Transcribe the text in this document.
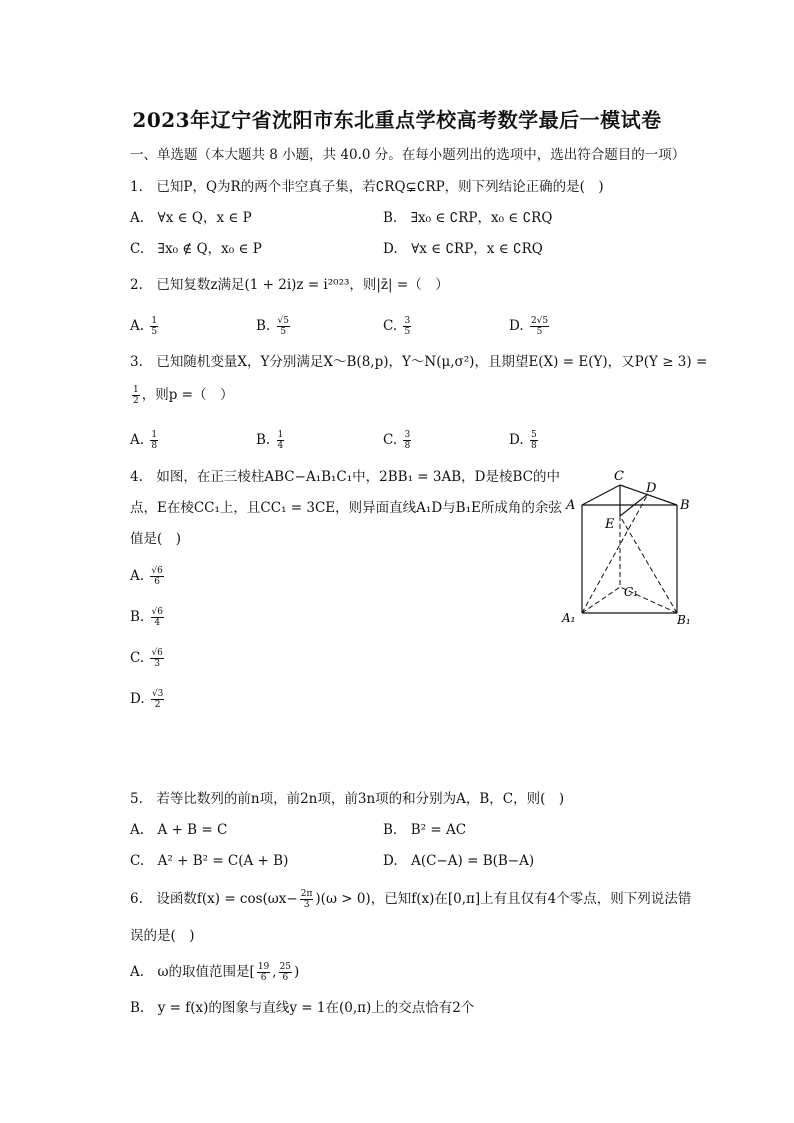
2023年辽宁省沈阳市东北重点学校高考数学最后一模试卷
一、单选题（本大题共 8 小题，共 40.0 分。在每小题列出的选项中，选出符合题目的一项）
1.　已知P，Q为R的两个非空真子集，若∁RQ⊊∁RP，则下列结论正确的是(　)
A.　∀x ∈ Q，x ∈ P	B.　∃x₀ ∈ ∁RP，x₀ ∈ ∁RQ
C.　∃x₀ ∉ Q，x₀ ∈ P	D.　∀x ∈ ∁RP，x ∈ ∁RQ
2.　已知复数z满足(1 + 2i)z = i²⁰²³，则|z̄| =（　）
A. $\frac{1}{5}$	B. $\frac{√5}{5}$	C. $\frac{3}{5}$	D. $\frac{2√5}{5}$
3.　已知随机变量X，Y分别满足X～B(8,p)，Y～N(μ,σ²)，且期望E(X) = E(Y)，又P(Y ≥ 3) =
$\frac{1}{2}$ ，则p =（　）
A. $\frac{1}{8}$	B. $\frac{1}{4}$	C. $\frac{3}{8}$	D. $\frac{5}{8}$
4.　如图，在正三棱柱ABC−A₁B₁C₁中，2BB₁ = 3AB，D是棱BC的中
点，E在棱CC₁上，且CC₁ = 3CE，则异面直线A₁D与B₁E所成角的余弦
值是(　)
A. $\frac{√6}{6}$
B. $\frac{√6}{4}$
C. $\frac{√6}{3}$
D. $\frac{√3}{2}$
C
D
A	B
E
C₁
A₁	B₁
5.　若等比数列的前n项，前2n项，前3n项的和分别为A，B，C，则(　)
A.　A + B = C	B.　B² = AC
C.　A² + B² = C(A + B)	D.　A(C−A) = B(B−A)
6.　设函数$f(x) = \cos(\omega x- \frac{2\pi}{3} )(\omega > 0)$，已知f(x)在[0,π]上有且仅有4个零点，则下列说法错
误的是(　)
A.　ω的取值范围是[ $\frac{19}{6}$ , $\frac{25}{6}$ )
B.　y = f(x)的图象与直线y = 1在(0,π)上的交点恰有2个
